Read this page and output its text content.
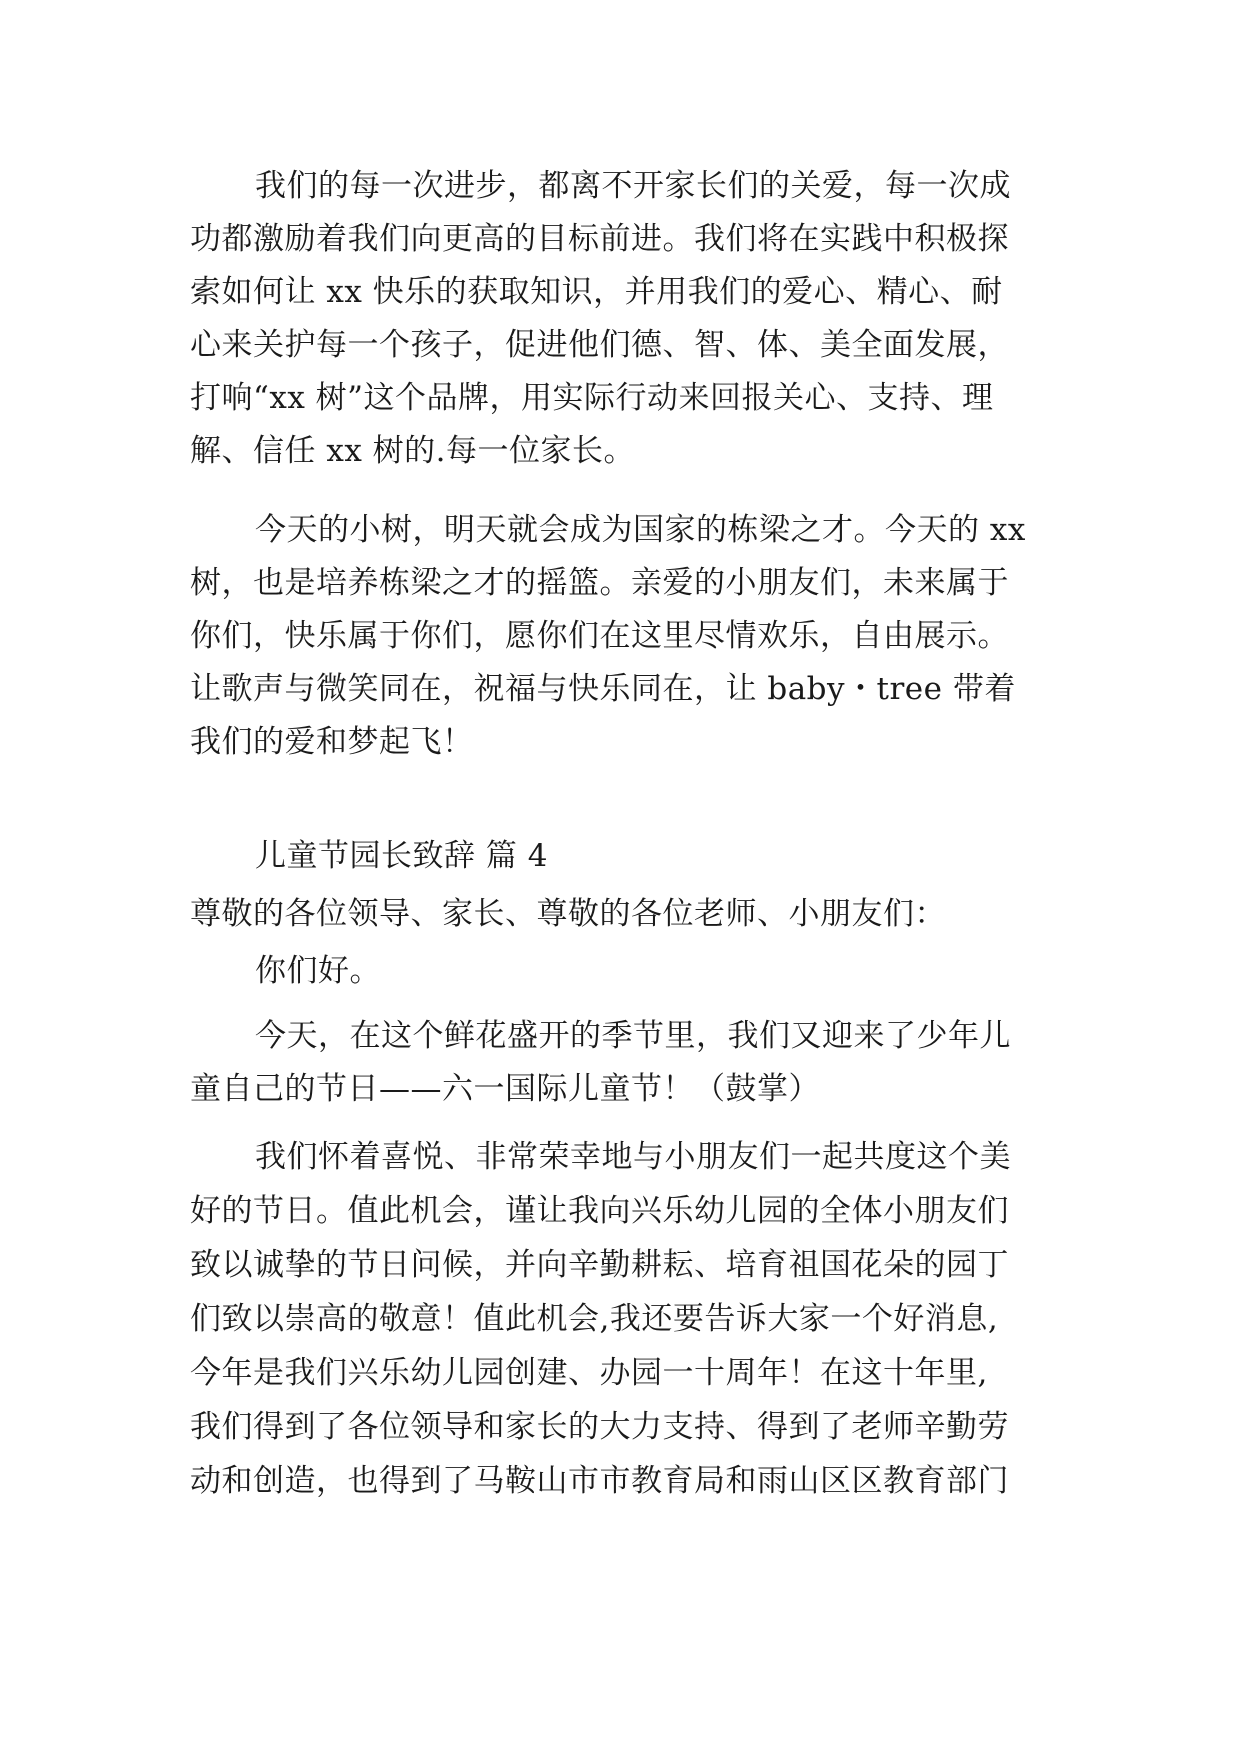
我们的每一次进步，都离不开家长们的关爱，每一次成
功都激励着我们向更高的目标前进。我们将在实践中积极探
索如何让 xx 快乐的获取知识，并用我们的爱心、精心、耐
心来关护每一个孩子，促进他们德、智、体、美全面发展，
打响“xx 树”这个品牌，用实际行动来回报关心、支持、理
解、信任 xx 树的.每一位家长。
今天的小树，明天就会成为国家的栋梁之才。今天的 xx
树，也是培养栋梁之才的摇篮。亲爱的小朋友们，未来属于
你们，快乐属于你们，愿你们在这里尽情欢乐，自由展示。
让歌声与微笑同在，祝福与快乐同在，让 baby・tree 带着
我们的爱和梦起飞！
儿童节园长致辞 篇 4
尊敬的各位领导、家长、尊敬的各位老师、小朋友们：
你们好。
今天，在这个鲜花盛开的季节里，我们又迎来了少年儿
童自己的节日——六一国际儿童节！（鼓掌）
我们怀着喜悦、非常荣幸地与小朋友们一起共度这个美
好的节日。值此机会，谨让我向兴乐幼儿园的全体小朋友们
致以诚挚的节日问候，并向辛勤耕耘、培育祖国花朵的园丁
们致以崇高的敬意！值此机会,我还要告诉大家一个好消息,
今年是我们兴乐幼儿园创建、办园一十周年！在这十年里,
我们得到了各位领导和家长的大力支持、得到了老师辛勤劳
动和创造，也得到了马鞍山市市教育局和雨山区区教育部门
